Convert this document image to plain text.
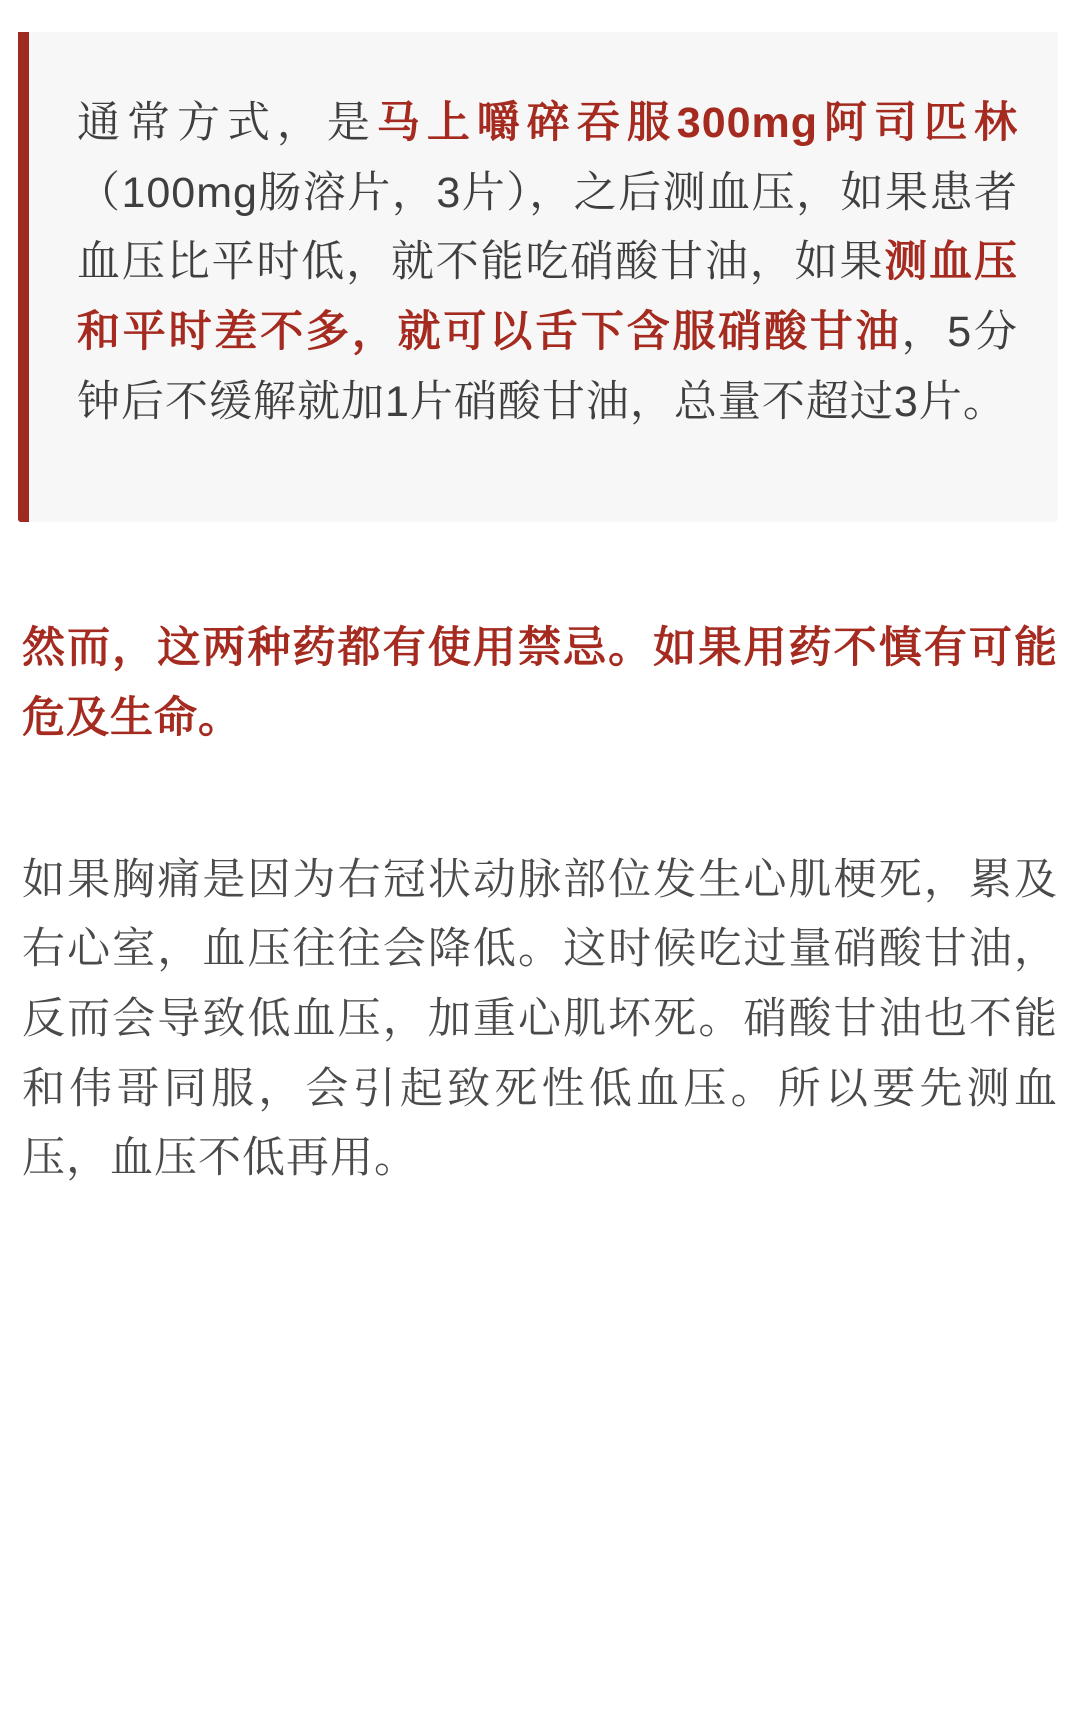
通常方式，是马上嚼碎吞服300mg阿司匹林（100mg肠溶片，3片），之后测血压，如果患者血压比平时低，就不能吃硝酸甘油，如果测血压和平时差不多，就可以舌下含服硝酸甘油，5分钟后不缓解就加1片硝酸甘油，总量不超过3片。

然而，这两种药都有使用禁忌。如果用药不慎有可能危及生命。

如果胸痛是因为右冠状动脉部位发生心肌梗死，累及右心室，血压往往会降低。这时候吃过量硝酸甘油，反而会导致低血压，加重心肌坏死。硝酸甘油也不能和伟哥同服，会引起致死性低血压。所以要先测血压，血压不低再用。
